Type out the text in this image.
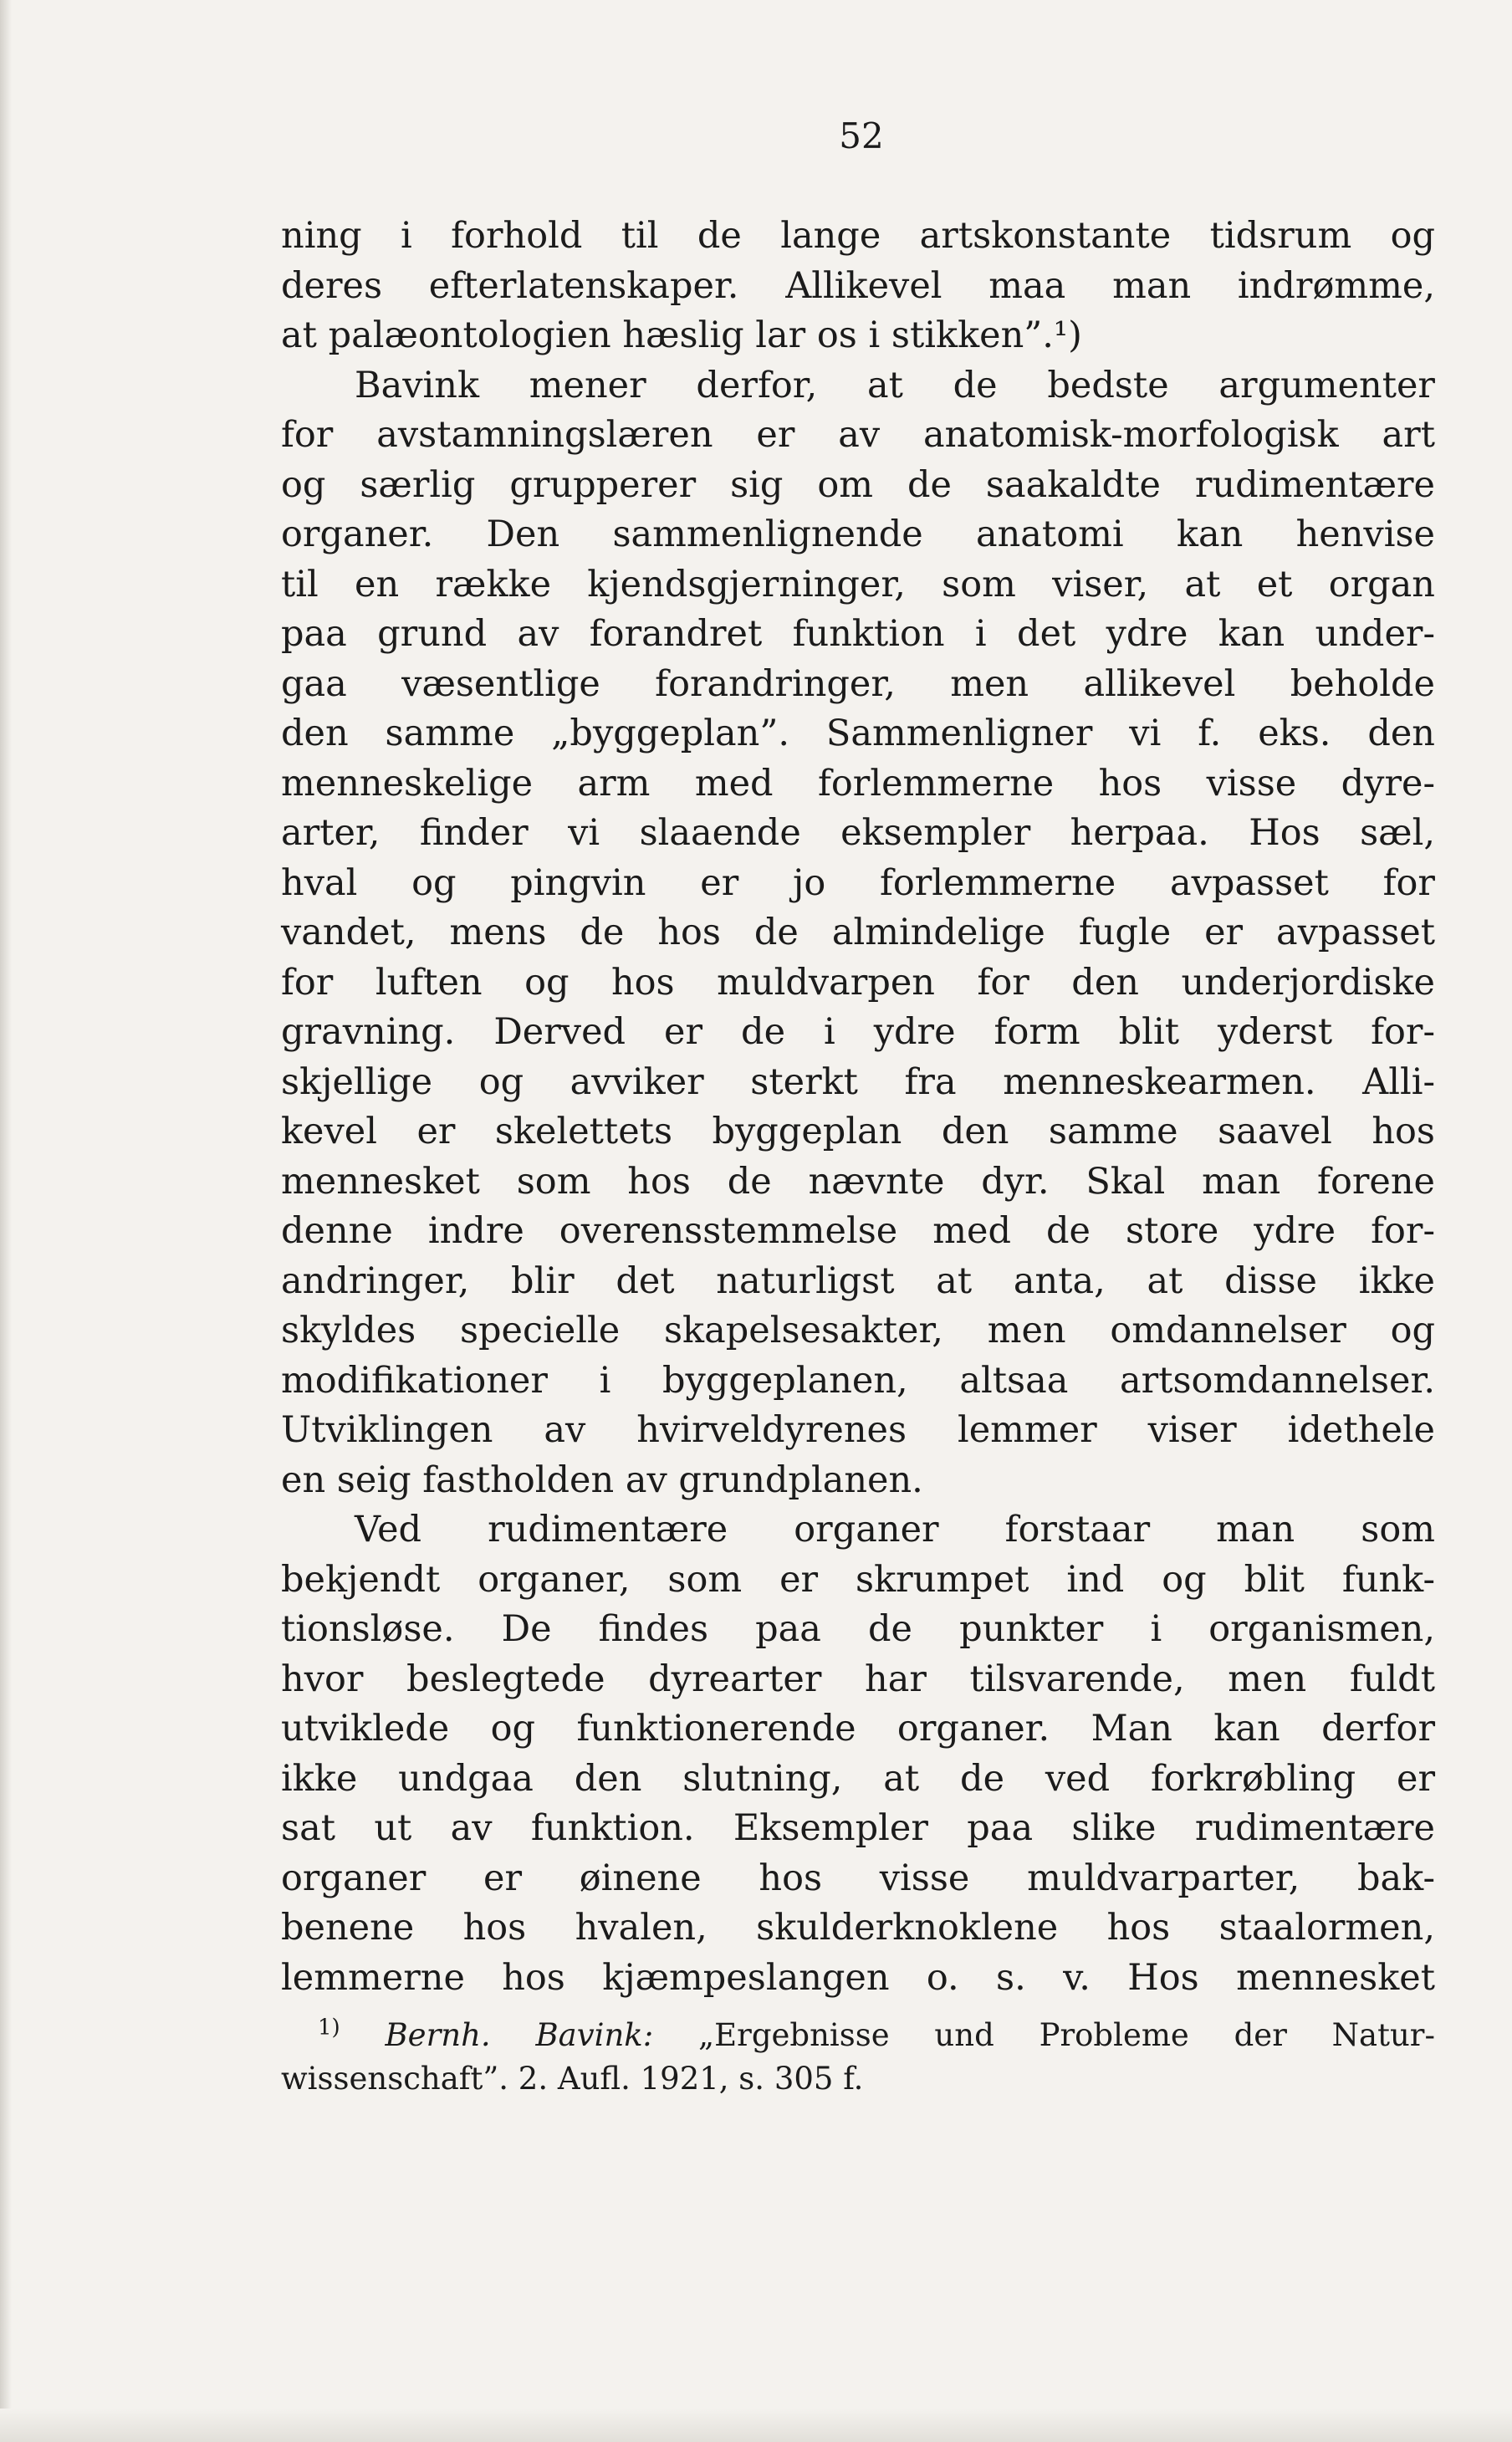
52
ning i forhold til de lange artskonstante tidsrum og
deres efterlatenskaper. Allikevel maa man indrømme,
at palæontologien hæslig lar os i stikken”.¹)
Bavink mener derfor, at de bedste argumenter
for avstamningslæren er av anatomisk-morfologisk art
og særlig grupperer sig om de saakaldte rudimentære
organer. Den sammenlignende anatomi kan henvise
til en række kjendsgjerninger, som viser, at et organ
paa grund av forandret funktion i det ydre kan under-
gaa væsentlige forandringer, men allikevel beholde
den samme „byggeplan”. Sammenligner vi f. eks. den
menneskelige arm med forlemmerne hos visse dyre-
arter, finder vi slaaende eksempler herpaa. Hos sæl,
hval og pingvin er jo forlemmerne avpasset for
vandet, mens de hos de almindelige fugle er avpasset
for luften og hos muldvarpen for den underjordiske
gravning. Derved er de i ydre form blit yderst for-
skjellige og avviker sterkt fra menneskearmen. Alli-
kevel er skelettets byggeplan den samme saavel hos
mennesket som hos de nævnte dyr. Skal man forene
denne indre overensstemmelse med de store ydre for-
andringer, blir det naturligst at anta, at disse ikke
skyldes specielle skapelsesakter, men omdannelser og
modifikationer i byggeplanen, altsaa artsomdannelser.
Utviklingen av hvirveldyrenes lemmer viser idethele
en seig fastholden av grundplanen.
Ved rudimentære organer forstaar man som
bekjendt organer, som er skrumpet ind og blit funk-
tionsløse. De findes paa de punkter i organismen,
hvor beslegtede dyrearter har tilsvarende, men fuldt
utviklede og funktionerende organer. Man kan derfor
ikke undgaa den slutning, at de ved forkrøbling er
sat ut av funktion. Eksempler paa slike rudimentære
organer er øinene hos visse muldvarparter, bak-
benene hos hvalen, skulderknoklene hos staalormen,
lemmerne hos kjæmpeslangen o. s. v. Hos mennesket
$^{1)}$ Bernh. Bavink: „Ergebnisse und Probleme der Natur-
wissenschaft”. 2. Aufl. 1921, s. 305 f.
